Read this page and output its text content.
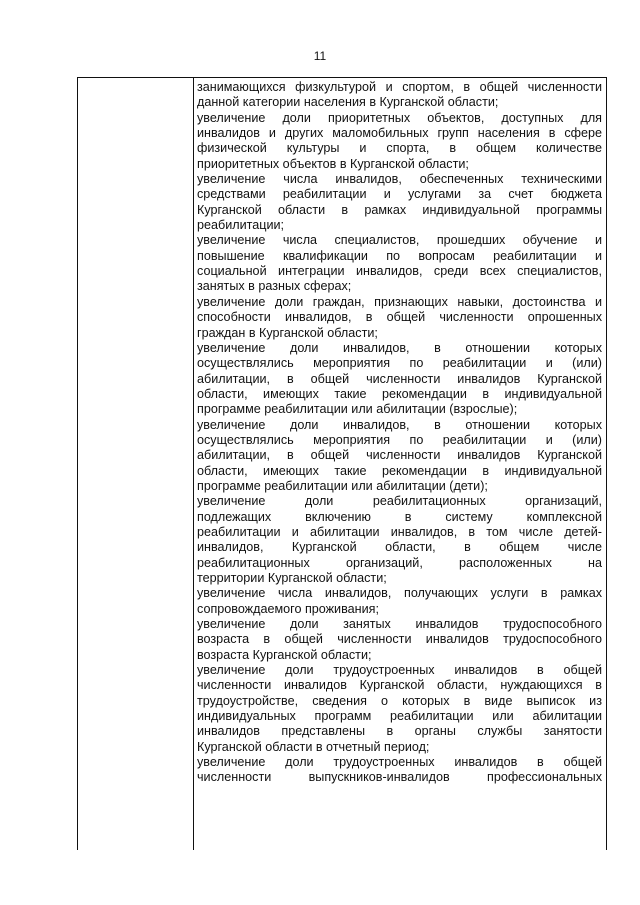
11
занимающихся физкультурой и спортом, в общей численности
данной категории населения в Курганской области;
увеличение доли приоритетных объектов, доступных для
инвалидов и других маломобильных групп населения в сфере
физической культуры и спорта, в общем количестве
приоритетных объектов в Курганской области;
увеличение числа инвалидов, обеспеченных техническими
средствами реабилитации и услугами за счет бюджета
Курганской области в рамках индивидуальной программы
реабилитации;
увеличение числа специалистов, прошедших обучение и
повышение квалификации по вопросам реабилитации и
социальной интеграции инвалидов, среди всех специалистов,
занятых в разных сферах;
увеличение доли граждан, признающих навыки, достоинства и
способности инвалидов, в общей численности опрошенных
граждан в Курганской области;
увеличение доли инвалидов, в отношении которых
осуществлялись мероприятия по реабилитации и (или)
абилитации, в общей численности инвалидов Курганской
области, имеющих такие рекомендации в индивидуальной
программе реабилитации или абилитации (взрослые);
увеличение доли инвалидов, в отношении которых
осуществлялись мероприятия по реабилитации и (или)
абилитации, в общей численности инвалидов Курганской
области, имеющих такие рекомендации в индивидуальной
программе реабилитации или абилитации (дети);
увеличение доли реабилитационных организаций,
подлежащих включению в систему комплексной
реабилитации и абилитации инвалидов, в том числе детей-
инвалидов, Курганской области, в общем числе
реабилитационных организаций, расположенных на
территории Курганской области;
увеличение числа инвалидов, получающих услуги в рамках
сопровождаемого проживания;
увеличение доли занятых инвалидов трудоспособного
возраста в общей численности инвалидов трудоспособного
возраста Курганской области;
увеличение доли трудоустроенных инвалидов в общей
численности инвалидов Курганской области, нуждающихся в
трудоустройстве, сведения о которых в виде выписок из
индивидуальных программ реабилитации или абилитации
инвалидов представлены в органы службы занятости
Курганской области в отчетный период;
увеличение доли трудоустроенных инвалидов в общей
численности выпускников-инвалидов профессиональных
